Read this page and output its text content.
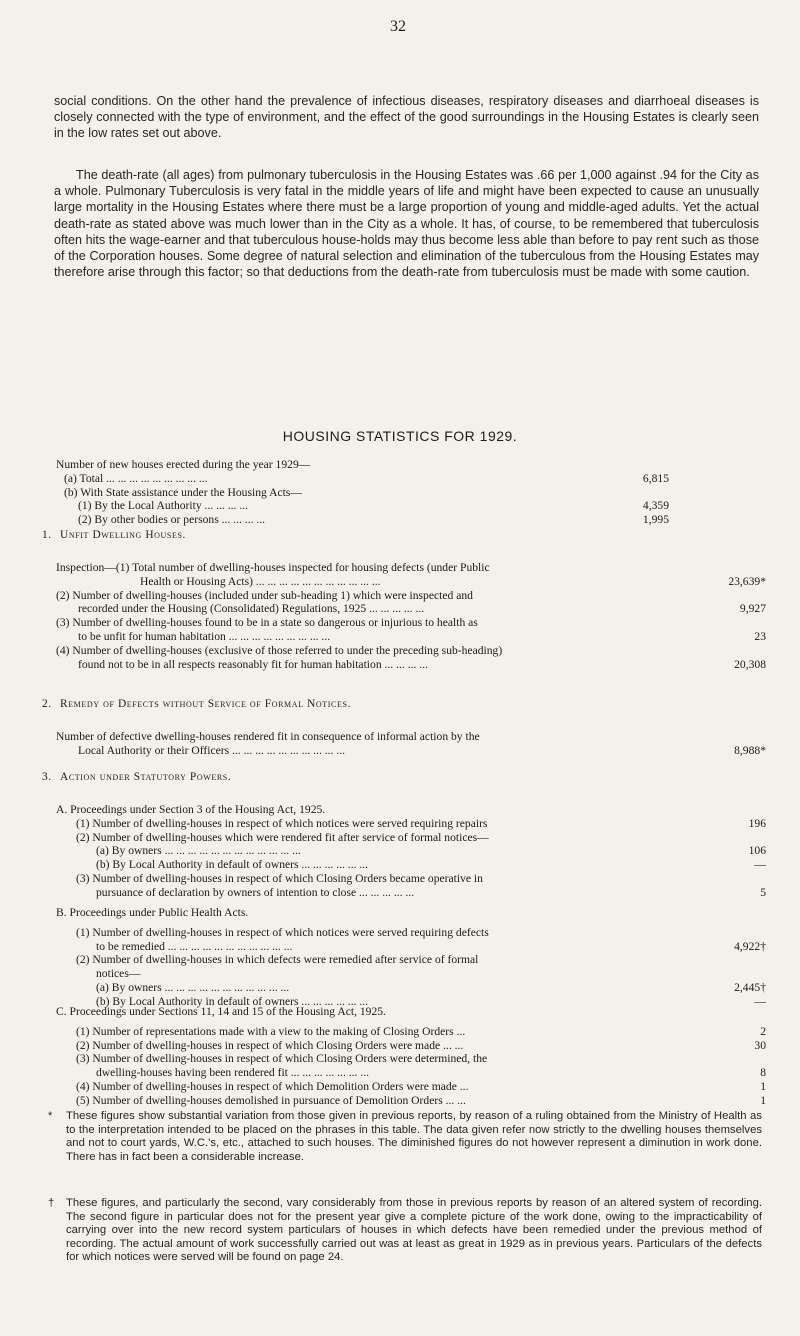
32

social conditions. On the other hand the prevalence of infectious diseases, respiratory diseases and diarrhoeal diseases is closely connected with the type of environment, and the effect of the good surroundings in the Housing Estates is clearly seen in the low rates set out above.

The death-rate (all ages) from pulmonary tuberculosis in the Housing Estates was .66 per 1,000 against .94 for the City as a whole. Pulmonary Tuberculosis is very fatal in the middle years of life and might have been expected to cause an unusually large mortality in the Housing Estates where there must be a large proportion of young and middle-aged adults. Yet the actual death-rate as stated above was much lower than in the City as a whole. It has, of course, to be remembered that tuberculosis often hits the wage-earner and that tuberculous house-holds may thus become less able than before to pay rent such as those of the Corporation houses. Some degree of natural selection and elimination of the tuberculous from the Housing Estates may therefore arise through this factor; so that deductions from the death-rate from tuberculosis must be made with some caution.

HOUSING STATISTICS FOR 1929.
Number of new houses erected during the year 1929—
(a) Total ... ... ... ... ... ... ... ... ...	6,815
(b) With State assistance under the Housing Acts—
(1) By the Local Authority ... ... ... ...	4,359
(2) By other bodies or persons ... ... ... ...	1,995
1. Unfit Dwelling Houses.
Inspection—(1) Total number of dwelling-houses inspected for housing defects (under Public
Health or Housing Acts) ... ... ... ... ... ... ... ... ... ... ...	23,639*
(2) Number of dwelling-houses (included under sub-heading 1) which were inspected and
recorded under the Housing (Consolidated) Regulations, 1925 ... ... ... ... ...	9,927
(3) Number of dwelling-houses found to be in a state so dangerous or injurious to health as
to be unfit for human habitation ... ... ... ... ... ... ... ... ...	23
(4) Number of dwelling-houses (exclusive of those referred to under the preceding sub-heading)
found not to be in all respects reasonably fit for human habitation ... ... ... ...	20,308
2. Remedy of Defects without Service of Formal Notices.
Number of defective dwelling-houses rendered fit in consequence of informal action by the
Local Authority or their Officers ... ... ... ... ... ... ... ... ... ...	8,988*
3. Action under Statutory Powers.
A. Proceedings under Section 3 of the Housing Act, 1925.
(1) Number of dwelling-houses in respect of which notices were served requiring repairs	196
(2) Number of dwelling-houses which were rendered fit after service of formal notices—
(a) By owners ... ... ... ... ... ... ... ... ... ... ... ...	106
(b) By Local Authority in default of owners ... ... ... ... ... ...	—
(3) Number of dwelling-houses in respect of which Closing Orders became operative in
pursuance of declaration by owners of intention to close ... ... ... ... ...	5
B. Proceedings under Public Health Acts.
(1) Number of dwelling-houses in respect of which notices were served requiring defects
to be remedied ... ... ... ... ... ... ... ... ... ... ...	4,922†
(2) Number of dwelling-houses in which defects were remedied after service of formal
notices—
(a) By owners ... ... ... ... ... ... ... ... ... ... ...	2,445†
(b) By Local Authority in default of owners ... ... ... ... ... ...	—
C. Proceedings under Sections 11, 14 and 15 of the Housing Act, 1925.
(1) Number of representations made with a view to the making of Closing Orders ...	2
(2) Number of dwelling-houses in respect of which Closing Orders were made ... ...	30
(3) Number of dwelling-houses in respect of which Closing Orders were determined, the
dwelling-houses having been rendered fit ... ... ... ... ... ... ...	8
(4) Number of dwelling-houses in respect of which Demolition Orders were made ...	1
(5) Number of dwelling-houses demolished in pursuance of Demolition Orders ... ...	1
* These figures show substantial variation from those given in previous reports, by reason of a ruling obtained from the Ministry of Health as to the interpretation intended to be placed on the phrases in this table. The data given refer now strictly to the dwelling houses themselves and not to court yards, W.C.'s, etc., attached to such houses. The diminished figures do not however represent a diminution in work done. There has in fact been a considerable increase.
† These figures, and particularly the second, vary considerably from those in previous reports by reason of an altered system of recording. The second figure in particular does not for the present year give a complete picture of the work done, owing to the impracticability of carrying over into the new record system particulars of houses in which defects have been remedied under the previous method of recording. The actual amount of work successfully carried out was at least as great in 1929 as in previous years. Particulars of the defects for which notices were served will be found on page 24.
